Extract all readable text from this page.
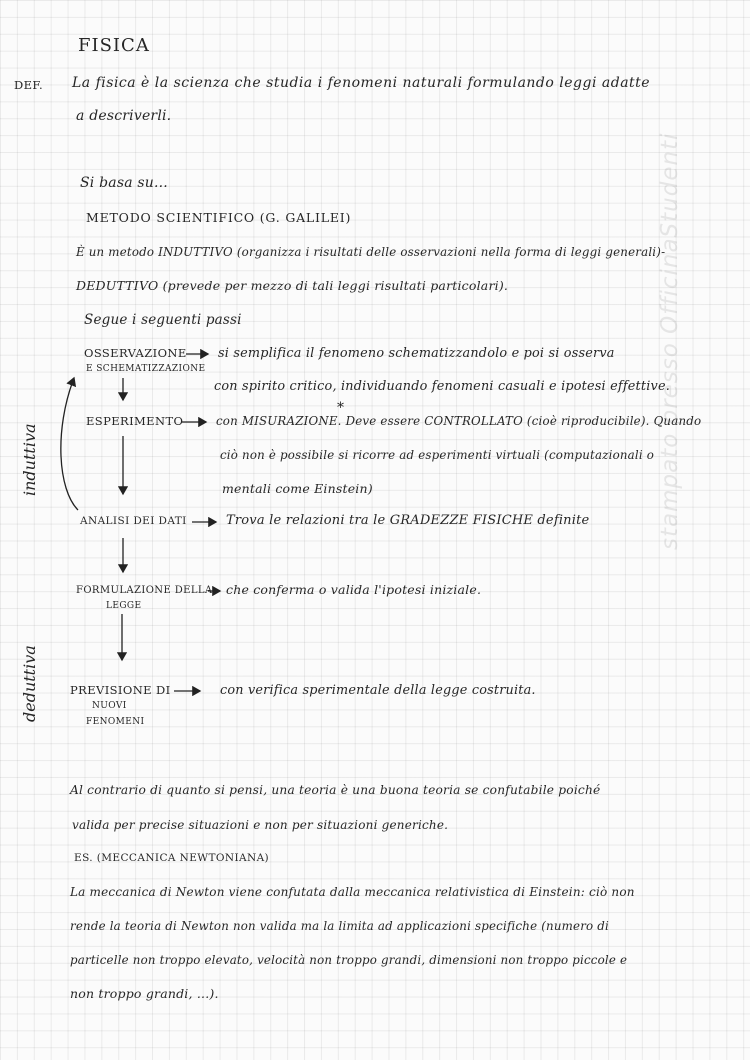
stampato presso OfficinaStudenti
FISICA
DEF. La fisica è la scienza che studia i fenomeni naturali formulando leggi adatte
a descriverli.
Si basa su...
METODO SCIENTIFICO (G. GALILEI)
È un metodo INDUTTIVO (organizza i risultati delle osservazioni nella forma di leggi generali)-
DEDUTTIVO (prevede per mezzo di tali leggi risultati particolari).
Segue i seguenti passi
induttiva
deduttiva
OSSERVAZIONE
E SCHEMATIZZAZIONE
si semplifica il fenomeno schematizzandolo e poi si osserva
con spirito critico, individuando fenomeni casuali e ipotesi effettive.
ESPERIMENTO
*
con MISURAZIONE. Deve essere CONTROLLATO (cioè riproducibile). Quando
ciò non è possibile si ricorre ad esperimenti virtuali (computazionali o
mentali come Einstein)
ANALISI DEI DATI	Trova le relazioni tra le GRADEZZE FISICHE definite
FORMULAZIONE DELLA
LEGGE
che conferma o valida l'ipotesi iniziale.
PREVISIONE DI
NUOVI
FENOMENI
con verifica sperimentale della legge costruita.
Al contrario di quanto si pensi, una teoria è una buona teoria se confutabile poiché
valida per precise situazioni e non per situazioni generiche.
ES. (MECCANICA NEWTONIANA)
La meccanica di Newton viene confutata dalla meccanica relativistica di Einstein: ciò non
rende la teoria di Newton non valida ma la limita ad applicazioni specifiche (numero di
particelle non troppo elevato, velocità non troppo grandi, dimensioni non troppo piccole e
non troppo grandi, ...).
